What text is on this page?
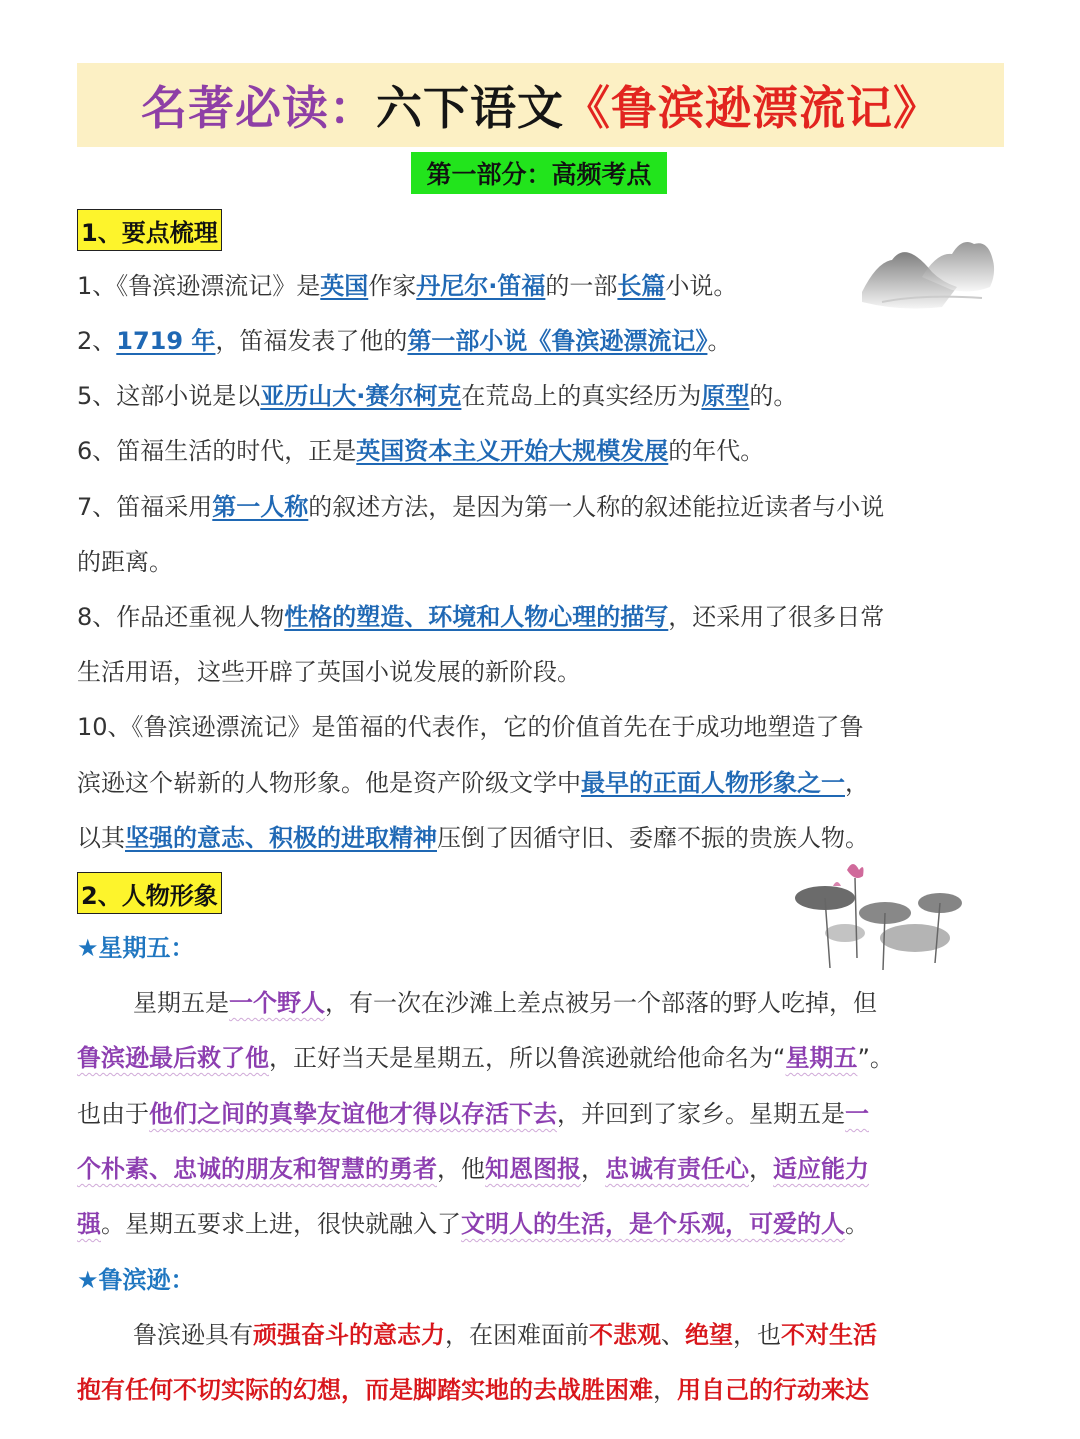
名著必读： 六下语文 《鲁滨逊漂流记》
第一部分：高频考点
1、要点梳理
1、《鲁滨逊漂流记》是英国作家丹尼尔·笛福的一部长篇小说。
2、1719 年，笛福发表了他的第一部小说《鲁滨逊漂流记》。
5、这部小说是以亚历山大·赛尔柯克在荒岛上的真实经历为原型的。
6、笛福生活的时代，正是英国资本主义开始大规模发展的年代。
7、笛福采用第一人称的叙述方法，是因为第一人称的叙述能拉近读者与小说
的距离。
8、作品还重视人物性格的塑造、环境和人物心理的描写，还采用了很多日常
生活用语，这些开辟了英国小说发展的新阶段。
10、《鲁滨逊漂流记》是笛福的代表作，它的价值首先在于成功地塑造了鲁
滨逊这个崭新的人物形象。他是资产阶级文学中最早的正面人物形象之一，
以其坚强的意志、积极的进取精神压倒了因循守旧、委靡不振的贵族人物。
2、人物形象
★星期五：
星期五是一个野人，有一次在沙滩上差点被另一个部落的野人吃掉，但
鲁滨逊最后救了他，正好当天是星期五，所以鲁滨逊就给他命名为“星期五”。
也由于他们之间的真挚友谊他才得以存活下去，并回到了家乡。星期五是一
个朴素、忠诚的朋友和智慧的勇者，他知恩图报，忠诚有责任心，适应能力
强。星期五要求上进，很快就融入了文明人的生活，是个乐观，可爱的人。
★鲁滨逊：
鲁滨逊具有顽强奋斗的意志力，在困难面前不悲观、绝望，也不对生活
抱有任何不切实际的幻想，而是脚踏实地的去战胜困难，用自己的行动来达
